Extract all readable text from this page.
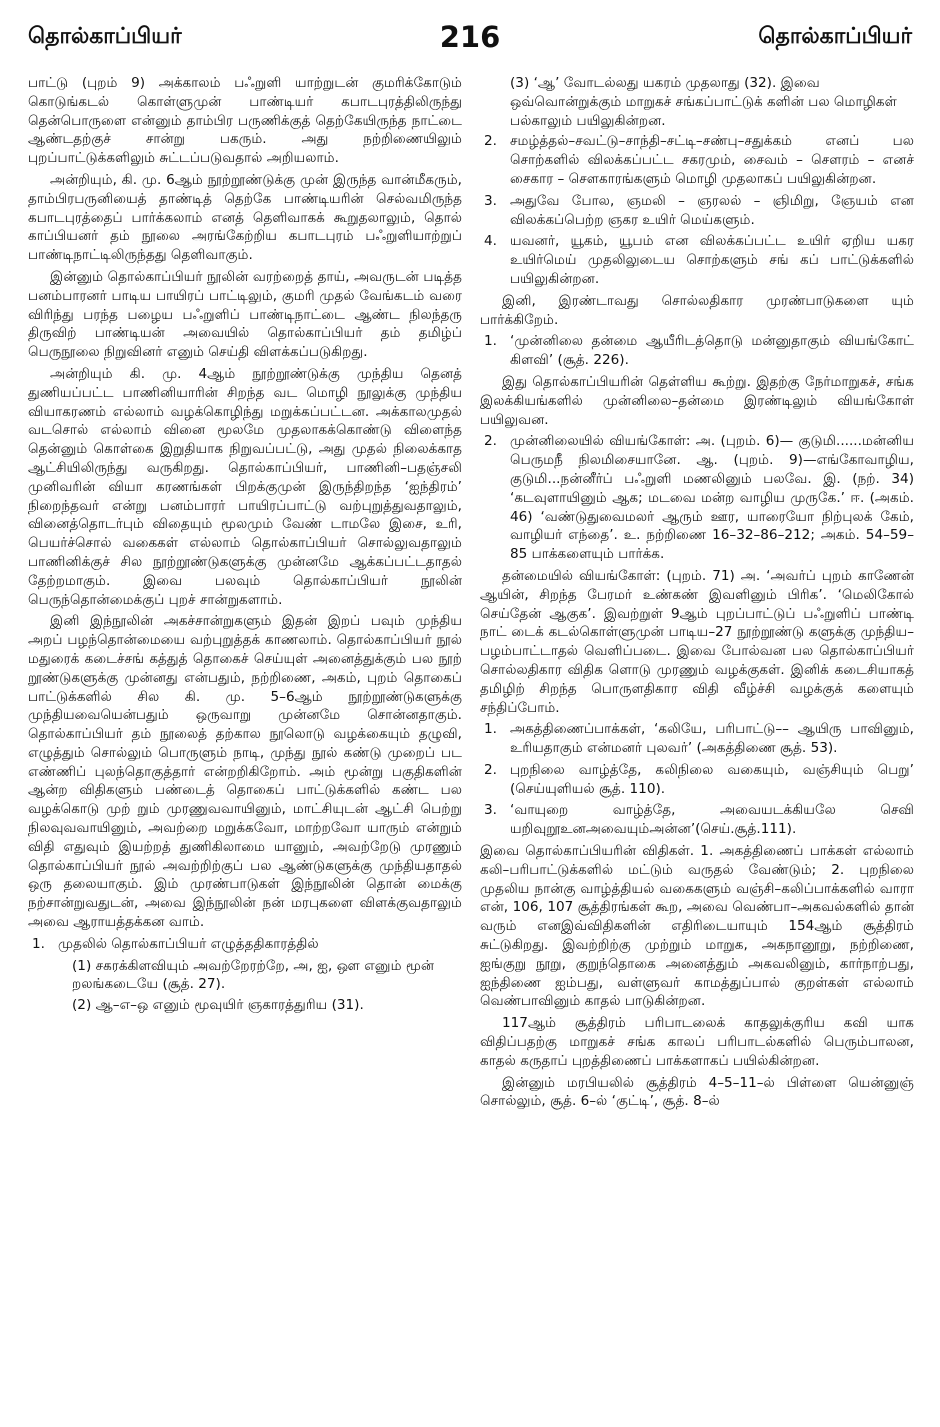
தொல்காப்பியர்	216	தொல்காப்பியர்

பாட்டு (புறம் 9) அக்காலம் பஃறுளி யாற்றுடன் குமரிக்கோடும் கொடுங்கடல் கொள்ளுமுன் பாண்டியர் கபாடபுரத்திலிருந்து தென்பொருளை என்னும் தாம்பிர பருணிக்குத் தெற்கேயிருந்த நாட்டை ஆண்டதற்குச் சான்று பகரும். அது நற்றிணையிலும் புறப்பாட்டுக்களிலும் சுட்டப்படுவதால் அறியலாம்.

அன்றியும், கி. மு. 6ஆம் நூற்றூண்டுக்கு முன் இருந்த வான்மீகரும், தாம்பிரபருனியைத் தாண்டித் தெற்கே பாண்டியரின் செல்வமிருந்த கபாடபுரத்தைப் பார்க்கலாம் எனத் தெளிவாகக் கூறுதலாலும், தொல் காப்பியனர் தம் நூலை அரங்கேற்றிய கபாடபுரம் பஃறுளியாற்றுப் பாண்டிநாட்டிலிருந்தது தெளிவாகும்.

இன்னும் தொல்காப்பியர் நூலின் வரற்றைத் தாய், அவருடன் படித்த பனம்பாரனர் பாடிய பாயிரப் பாட்டிலும், குமரி முதல் வேங்கடம் வரை விரிந்து பரந்த பழைய பஃறுளிப் பாண்டிநாட்டை ஆண்ட நிலந்தரு திருவிற் பாண்டியன் அவையில் தொல்காப்பியர் தம் தமிழ்ப் பெருநூலை நிறுவினர் எனும் செய்தி விளக்கப்படுகிறது.

அன்றியும் கி. மு. 4ஆம் நூற்றூண்டுக்கு முந்திய தெனத் துணியப்பட்ட பாணினியாரின் சிறந்த வட மொழி நூலுக்கு முந்திய வியாகரணம் எல்லாம் வழக்கொழிந்து மறுக்கப்பட்டன. அக்காலமுதல் வடசொல் எல்லாம் வினை மூலமே முதலாகக்கொண்டு விளைந்த தென்னும் கொள்கை இறுதியாக நிறுவப்பட்டு, அது முதல் நிலைக்காத ஆட்சியிலிருந்து வருகிறது. தொல்காப்பியர், பாணினி–பதஞ்சலி முனிவரின் வியா கரணங்கள் பிறக்குமுன் இருந்திறந்த ‘ஐந்திரம்’ நிறைந்தவர் என்று பனம்பாரர் பாயிரப்பாட்டு வற்புறுத்துவதாலும், வினைத்தொடர்பும் விதையும் மூலமும் வேண் டாமலே இசை, உரி, பெயர்ச்சொல் வகைகள் எல்லாம் தொல்காப்பியர் சொல்லுவதாலும் பாணினிக்குச் சில நூற்றூண்டுகளுக்கு முன்னமே ஆக்கப்பட்டதாதல் தேற்றமாகும். இவை பலவும் தொல்காப்பியர் நூலின் பெருந்தொன்மைக்குப் புறச் சான்றுகளாம்.

இனி இந்நூலின் அகச்சான்றுகளும் இதன் இறப் பவும் முந்திய அறப் பழந்தொன்மையை வற்புறுத்தக் காணலாம். தொல்காப்பியர் நூல் மதுரைக் கடைச்சங் கத்துத் தொகைச் செய்யுள் அனைத்துக்கும் பல நூற் றூண்டுகளுக்கு முன்னது என்பதும், நற்றிணை, அகம், புறம் தொகைப் பாட்டுக்களில் சில கி. மு. 5–6ஆம் நூற்றூண்டுகளுக்கு முந்தியவையென்பதும் ஒருவாறு முன்னமே சொன்னதாகும். தொல்காப்பியர் தம் நூலைத் தற்கால நூலொடு வழக்கையும் தழுவி, எழுத்தும் சொல்லும் பொருளும் நாடி, முந்து நூல் கண்டு முறைப் பட எண்ணிப் புலந்தொகுத்தார் என்றறிகிறோம். அம் மூன்று பகுதிகளின் ஆன்ற விதிகளும் பண்டைத் தொகைப் பாட்டுக்களில் கண்ட பல வழக்கொடு முற் றும் முரணுவவாயினும், மாட்சியுடன் ஆட்சி பெற்று நிலவுவவாயினும், அவற்றை மறுக்கவோ, மாற்றவோ யாரும் என்றும் விதி எதுவும் இயற்றத் துணிகிலாமை யானும், அவற்றேடு முரணும் தொல்காப்பியர் நூல் அவற்றிற்குப் பல ஆண்டுகளுக்கு முந்தியதாதல் ஒரு தலையாகும். இம் முரண்பாடுகள் இந்நூலின் தொன் மைக்கு நற்சான்றுவதுடன், அவை இந்நூலின் நன் மரபுகளை விளக்குவதாலும் அவை ஆராயத்தக்கன வாம்.

1. முதலில் தொல்காப்பியர் எழுத்ததிகாரத்தில்
(1) சகரக்கிளவியும் அவற்றேரற்றே, அ, ஐ, ஔ எனும் மூன் றலங்கடையே (சூத். 27).
(2) ஆ–எ–ஒ எனும் மூவுயிர் ஞகாரத்துரிய (31).
(3) ‘ஆ’ வோடல்லது யகரம் முதலாது (32). இவை ஒவ்வொன்றுக்கும் மாறுகச் சங்கப்பாட்டுக் களின் பல மொழிகள் பல்காலும் பயிலுகின்றன.
2. சமழ்த்தல்–சவட்டு–சாந்தி–சட்டி–சண்பு–சதுக்கம் எனப் பல சொற்களில் விலக்கப்பட்ட சகரமும், சைவம் – சௌரம் – எனச் சைகார – சௌகாரங்களும் மொழி முதலாகப் பயிலுகின்றன.
3. அதுவே போல, ஞமலி – ஞரலல் – ஞிமிறு, ஞேயம் என விலக்கப்பெற்ற ஞகர உயிர் மெய்களும்.
4. யவனர், யூகம், யூபம் என விலக்கப்பட்ட உயிர் ஏறிய யகர உயிர்மெய் முதலிலுடைய சொற்களும் சங் கப் பாட்டுக்களில் பயிலுகின்றன.

இனி, இரண்டாவது சொல்லதிகார முரண்பாடுகளை யும் பார்க்கிறேம்.

1. ‘முன்னிலை தன்மை ஆயீரிடத்தொடு மன்னுதாகும் வியங்கோட் கிளவி’ (சூத். 226).

இது தொல்காப்பியரின் தெள்ளிய கூற்று. இதற்கு நேர்மாறுகச், சங்க இலக்கியங்களில் முன்னிலை–தன்மை இரண்டிலும் வியங்கோள் பயிலுவன.

2. முன்னிலையில் வியங்கோள்: அ. (புறம். 6)— குடுமி......மன்னிய பெருமநீ நிலமிசையானே. ஆ. (புறம். 9)—எங்கோவாழிய, குடுமி...நன்னீர்ப் பஃறுளி மணலினும் பலவே. இ. (நற். 34) ‘கடவுளாயினும் ஆக; மடவை மன்ற வாழிய முருகே.’ ஈ. (அகம். 46) ‘வண்டுதுவைமலர் ஆரும் ஊர, யாரையோ நிற்புலக் கேம், வாழியர் எந்தை’. உ. நற்றிணை 16–32–86–212; அகம். 54–59–85 பாக்களையும் பார்க்க.

தன்மையில் வியங்கோள்: (புறம். 71) அ. ‘அவர்ப் புறம் காணேன் ஆயின், சிறந்த பேரமர் உண்கண் இவளினும் பிரிக’. ‘மெலிகோல் செய்தேன் ஆகுக’. இவற்றுள் 9ஆம் புறப்பாட்டுப் பஃறுளிப் பாண்டி நாட் டைக் கடல்கொள்ளுமுன் பாடிய–27 நூற்றூண்டு களுக்கு முந்திய–பழம்பாட்டாதல் வெளிப்படை. இவை போல்வன பல தொல்காப்பியர் சொல்லதிகார விதிக ளொடு முரணும் வழக்குகள். இனிக் கடைசியாகத் தமிழிற் சிறந்த பொருளதிகார விதி வீழ்ச்சி வழக்குக் களையும் சந்திப்போம்.

1. அகத்திணைப்பாக்கள், ‘கலியே, பரிபாட்டு–– ஆயிரு பாவினும், உரியதாகும் என்மனர் புலவர்’ (அகத்திணை சூத். 53).
2. புறநிலை வாழ்த்தே, கலிநிலை வகையும், வஞ்சியும் பெறு’ (செய்யுளியல் சூத். 110).
3. ‘வாயுறை வாழ்த்தே, அவையடக்கியலே செவி யறிவுறூஉனஅவையும்அன்ன’(செய்.சூத்.111).

இவை தொல்காப்பியரின் விதிகள். 1. அகத்திணைப் பாக்கள் எல்லாம் கலி–பரிபாட்டுக்களில் மட்டும் வருதல் வேண்டும்; 2. புறநிலை முதலிய நான்கு வாழ்த்தியல் வகைகளும் வஞ்சி–கலிப்பாக்களில் வாரா என், 106, 107 சூத்திரங்கள் கூற, அவை வெண்பா–அகவல்களில் தான் வரும் எனஇவ்விதிகளின் எதிரிடையாயும் 154ஆம் சூத்திரம் சுட்டுகிறது. இவற்றிற்கு முற்றும் மாறுக, அகநானூறு, நற்றிணை, ஐங்குறு நூறு, குறுந்தொகை அனைத்தும் அகவலினும், கார்நாற்பது, ஐந்திணை ஐம்பது, வள்ளுவர் காமத்துப்பால் குறள்கள் எல்லாம் வெண்பாவினும் காதல் பாடுகின்றன.

117ஆம் சூத்திரம் பரிபாடலைக் காதலுக்குரிய கவி யாக விதிப்பதற்கு மாறுகச் சங்க காலப் பரிபாடல்களில் பெரும்பாலன, காதல் கருதாப் புறத்திணைப் பாக்களாகப் பயில்கின்றன.

இன்னும் மரபியலில் சூத்திரம் 4–5–11–ல் பிள்ளை யென்னுஞ் சொல்லும், சூத். 6–ல் ‘குட்டி’, சூத். 8–ல்
